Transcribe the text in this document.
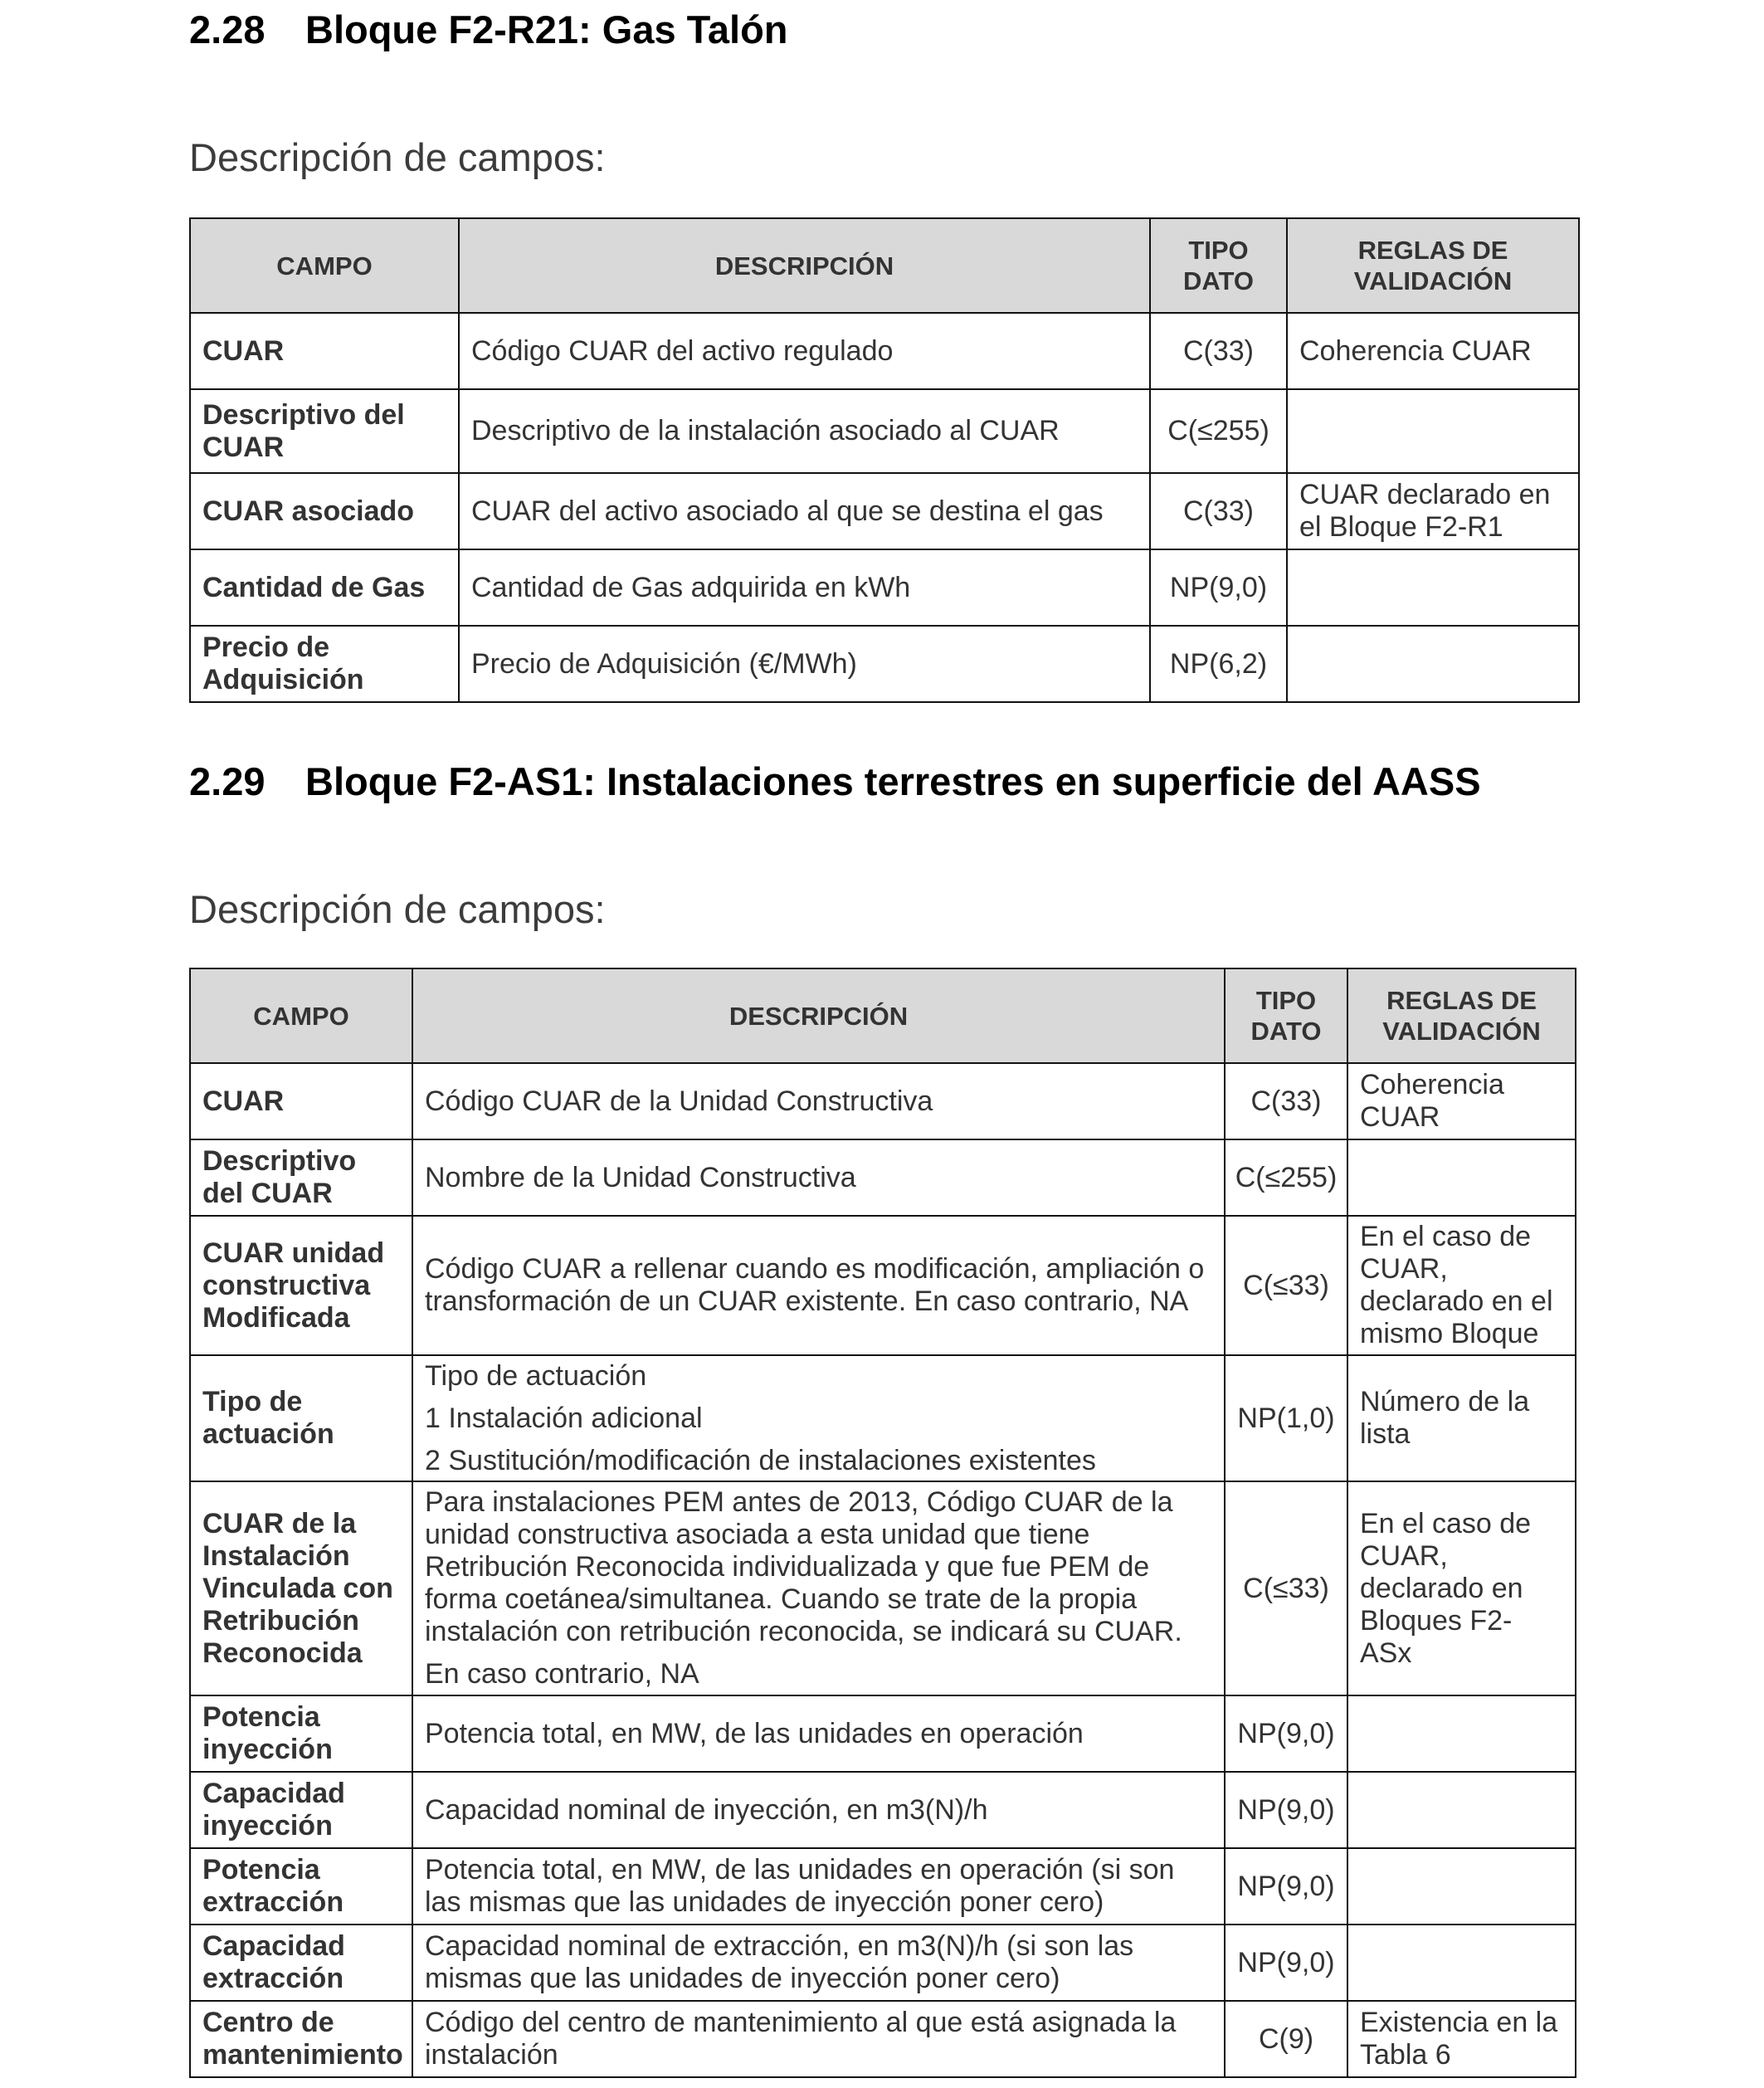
2.28 Bloque F2-R21: Gas Talón
Descripción de campos:
CAMPO	DESCRIPCIÓN	TIPO DATO	REGLAS DE VALIDACIÓN
CUAR	Código CUAR del activo regulado	C(33)	Coherencia CUAR
Descriptivo del CUAR	Descriptivo de la instalación asociado al CUAR	C(≤255)	
CUAR asociado	CUAR del activo asociado al que se destina el gas	C(33)	CUAR declarado en el Bloque F2-R1
Cantidad de Gas	Cantidad de Gas adquirida en kWh	NP(9,0)	
Precio de Adquisición	Precio de Adquisición (€/MWh)	NP(6,2)	
2.29 Bloque F2-AS1: Instalaciones terrestres en superficie del AASS
Descripción de campos:
CAMPO	DESCRIPCIÓN	TIPO DATO	REGLAS DE VALIDACIÓN
CUAR	Código CUAR de la Unidad Constructiva	C(33)	Coherencia CUAR
Descriptivo del CUAR	Nombre de la Unidad Constructiva	C(≤255)	
CUAR unidad constructiva Modificada	Código CUAR a rellenar cuando es modificación, ampliación o transformación de un CUAR existente. En caso contrario, NA	C(≤33)	En el caso de CUAR, declarado en el mismo Bloque
Tipo de actuación	Tipo de actuación

1 Instalación adicional

2 Sustitución/modificación de instalaciones existentes	NP(1,0)	Número de la lista
CUAR de la Instalación Vinculada con Retribución Reconocida	Para instalaciones PEM antes de 2013, Código CUAR de la unidad constructiva asociada a esta unidad que tiene Retribución Reconocida individualizada y que fue PEM de forma coetánea/simultanea. Cuando se trate de la propia instalación con retribución reconocida, se indicará su CUAR.

En caso contrario, NA	C(≤33)	En el caso de CUAR, declarado en Bloques F2-ASx
Potencia inyección	Potencia total, en MW, de las unidades en operación	NP(9,0)	
Capacidad inyección	Capacidad nominal de inyección, en m3(N)/h	NP(9,0)	
Potencia extracción	Potencia total, en MW, de las unidades en operación (si son las mismas que las unidades de inyección poner cero)	NP(9,0)	
Capacidad extracción	Capacidad nominal de extracción, en m3(N)/h (si son las mismas que las unidades de inyección poner cero)	NP(9,0)	
Centro de mantenimiento	Código del centro de mantenimiento al que está asignada la instalación	C(9)	Existencia en la Tabla 6
